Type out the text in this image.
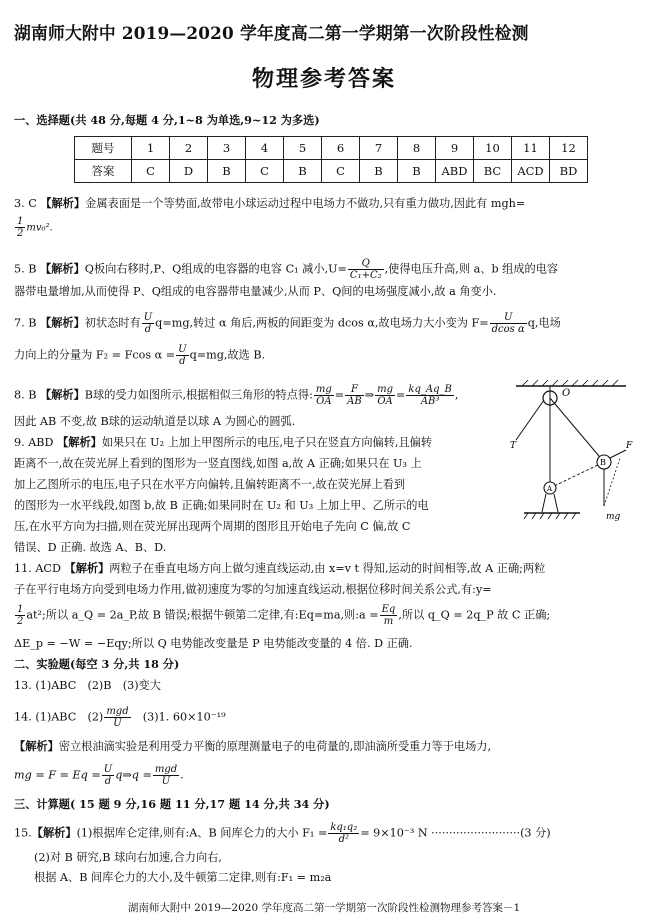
湖南师大附中 2019—2020 学年度高二第一学期第一次阶段性检测
物理参考答案
一、选择题(共 48 分,每题 4 分,1~8 为单选,9~12 为多选)
题号	1	2	3	4	5	6	7	8	9	10	11	12
答案	C	D	B	C	B	C	B	B	ABD	BC	ACD	BD
3. C 【解析】金属表面是一个等势面,故带电小球运动过程中电场力不做功,只有重力做功,因此有 mgh=
$\frac{1}{2} mv_0^2$.
5. B 【解析】Q板向右移时,P、Q组成的电容器的电容 C₁ 减小$,U= \frac{Q}{\text{C₁+C₂}}$ ,使得电压升高,则 a、b 组成的电容
器带电量增加,从而使得 P、Q组成的电容器带电量减少,从而 P、Q间的电场强度减小,故 a 角变小.
7. B 【解析】初状态时有 $\frac{U}{d} q=mg$,转过 α 角后,两板的间距变为 dcos α,故电场力大小变为 $F= \frac{U}{\text{dcos α}} q$,电场
力向上的分量为 F₂ = Fcos $\alpha = \frac{U}{d} q=mg$,故选 B.
8. B 【解析】B球的受力如图所示,根据相似三角形的特点得: $\frac{mg}{OA} = \frac{F}{AB}$ ⇒ $\frac{mg}{OA} = \frac{kq\_Aq\_B}{\text{AB³}}$ ,
因此 AB 不变,故 B球的运动轨道是以球 A 为圆心的圆弧.
O
T
A
B
F
mg
9. ABD 【解析】如果只在 U₂ 上加上甲图所示的电压,电子只在竖直方向偏转,且偏转
距离不一,故在荧光屏上看到的图形为一竖直图线,如图 a,故 A 正确;如果只在 U₃ 上
加上乙图所示的电压,电子只在水平方向偏转,且偏转距离不一,故在荧光屏上看到
的图形为一水平线段,如图 b,故 B 正确;如果同时在 U₂ 和 U₃ 上加上甲、乙所示的电
压,在水平方向为扫描,则在荧光屏出现两个周期的图形且开始电子先向 C 偏,故 C
错误、D 正确. 故选 A、B、D.
11. ACD 【解析】两粒子在垂直电场方向上做匀速直线运动,由 x=v t 得知,运动的时间相等,故 A 正确;两粒
子在平行电场方向受到电场力作用,做初速度为零的匀加速直线运动,根据位移时间关系公式,有:y=
$\frac{1}{2} at^2$;所以 a_Q = 2a_P,故 B 错误;根据牛顿第二定律,有:Eq=ma,则:a = $\frac{Eq}{m}$ ,所以 q_Q = 2q_P 故 C 正确;
ΔE_p = −W = −Eqy;所以 Q 电势能改变量是 P 电势能改变量的 4 倍. D 正确.
二、实验题(每空 3 分,共 18 分)
13. (1)ABC　(2)B　(3)变大
14. (1)ABC　$(2) \frac{\text{mgd}}{U}$ 　(3)1. 60×10⁻¹⁹
【解析】密立根油滴实验是利用受力平衡的原理测量电子的电荷量的,即油滴所受重力等于电场力,
mg = $F = Eq = \frac{U}{d}$ q⇒q = $\frac{\text{mgd}}{U}$ .
三、计算题( 15 题 9 分,16 题 11 分,17 题 14 分,共 34 分)
15.【解析】(1)根据库仑定律,则有:A、B 间库仑力的大小 $F_1 = \frac{\text{kq₁q₂}}{\text{d²}} = 9\times 10^{-3}$ N ·························(3 分)
(2)对 B 研究,B 球向右加速,合力向右,
根据 A、B 间库仑力的大小,及牛顿第二定律,则有:F₁ = m₂a
湖南师大附中 2019—2020 学年度高二第一学期第一次阶段性检测物理参考答案－1
